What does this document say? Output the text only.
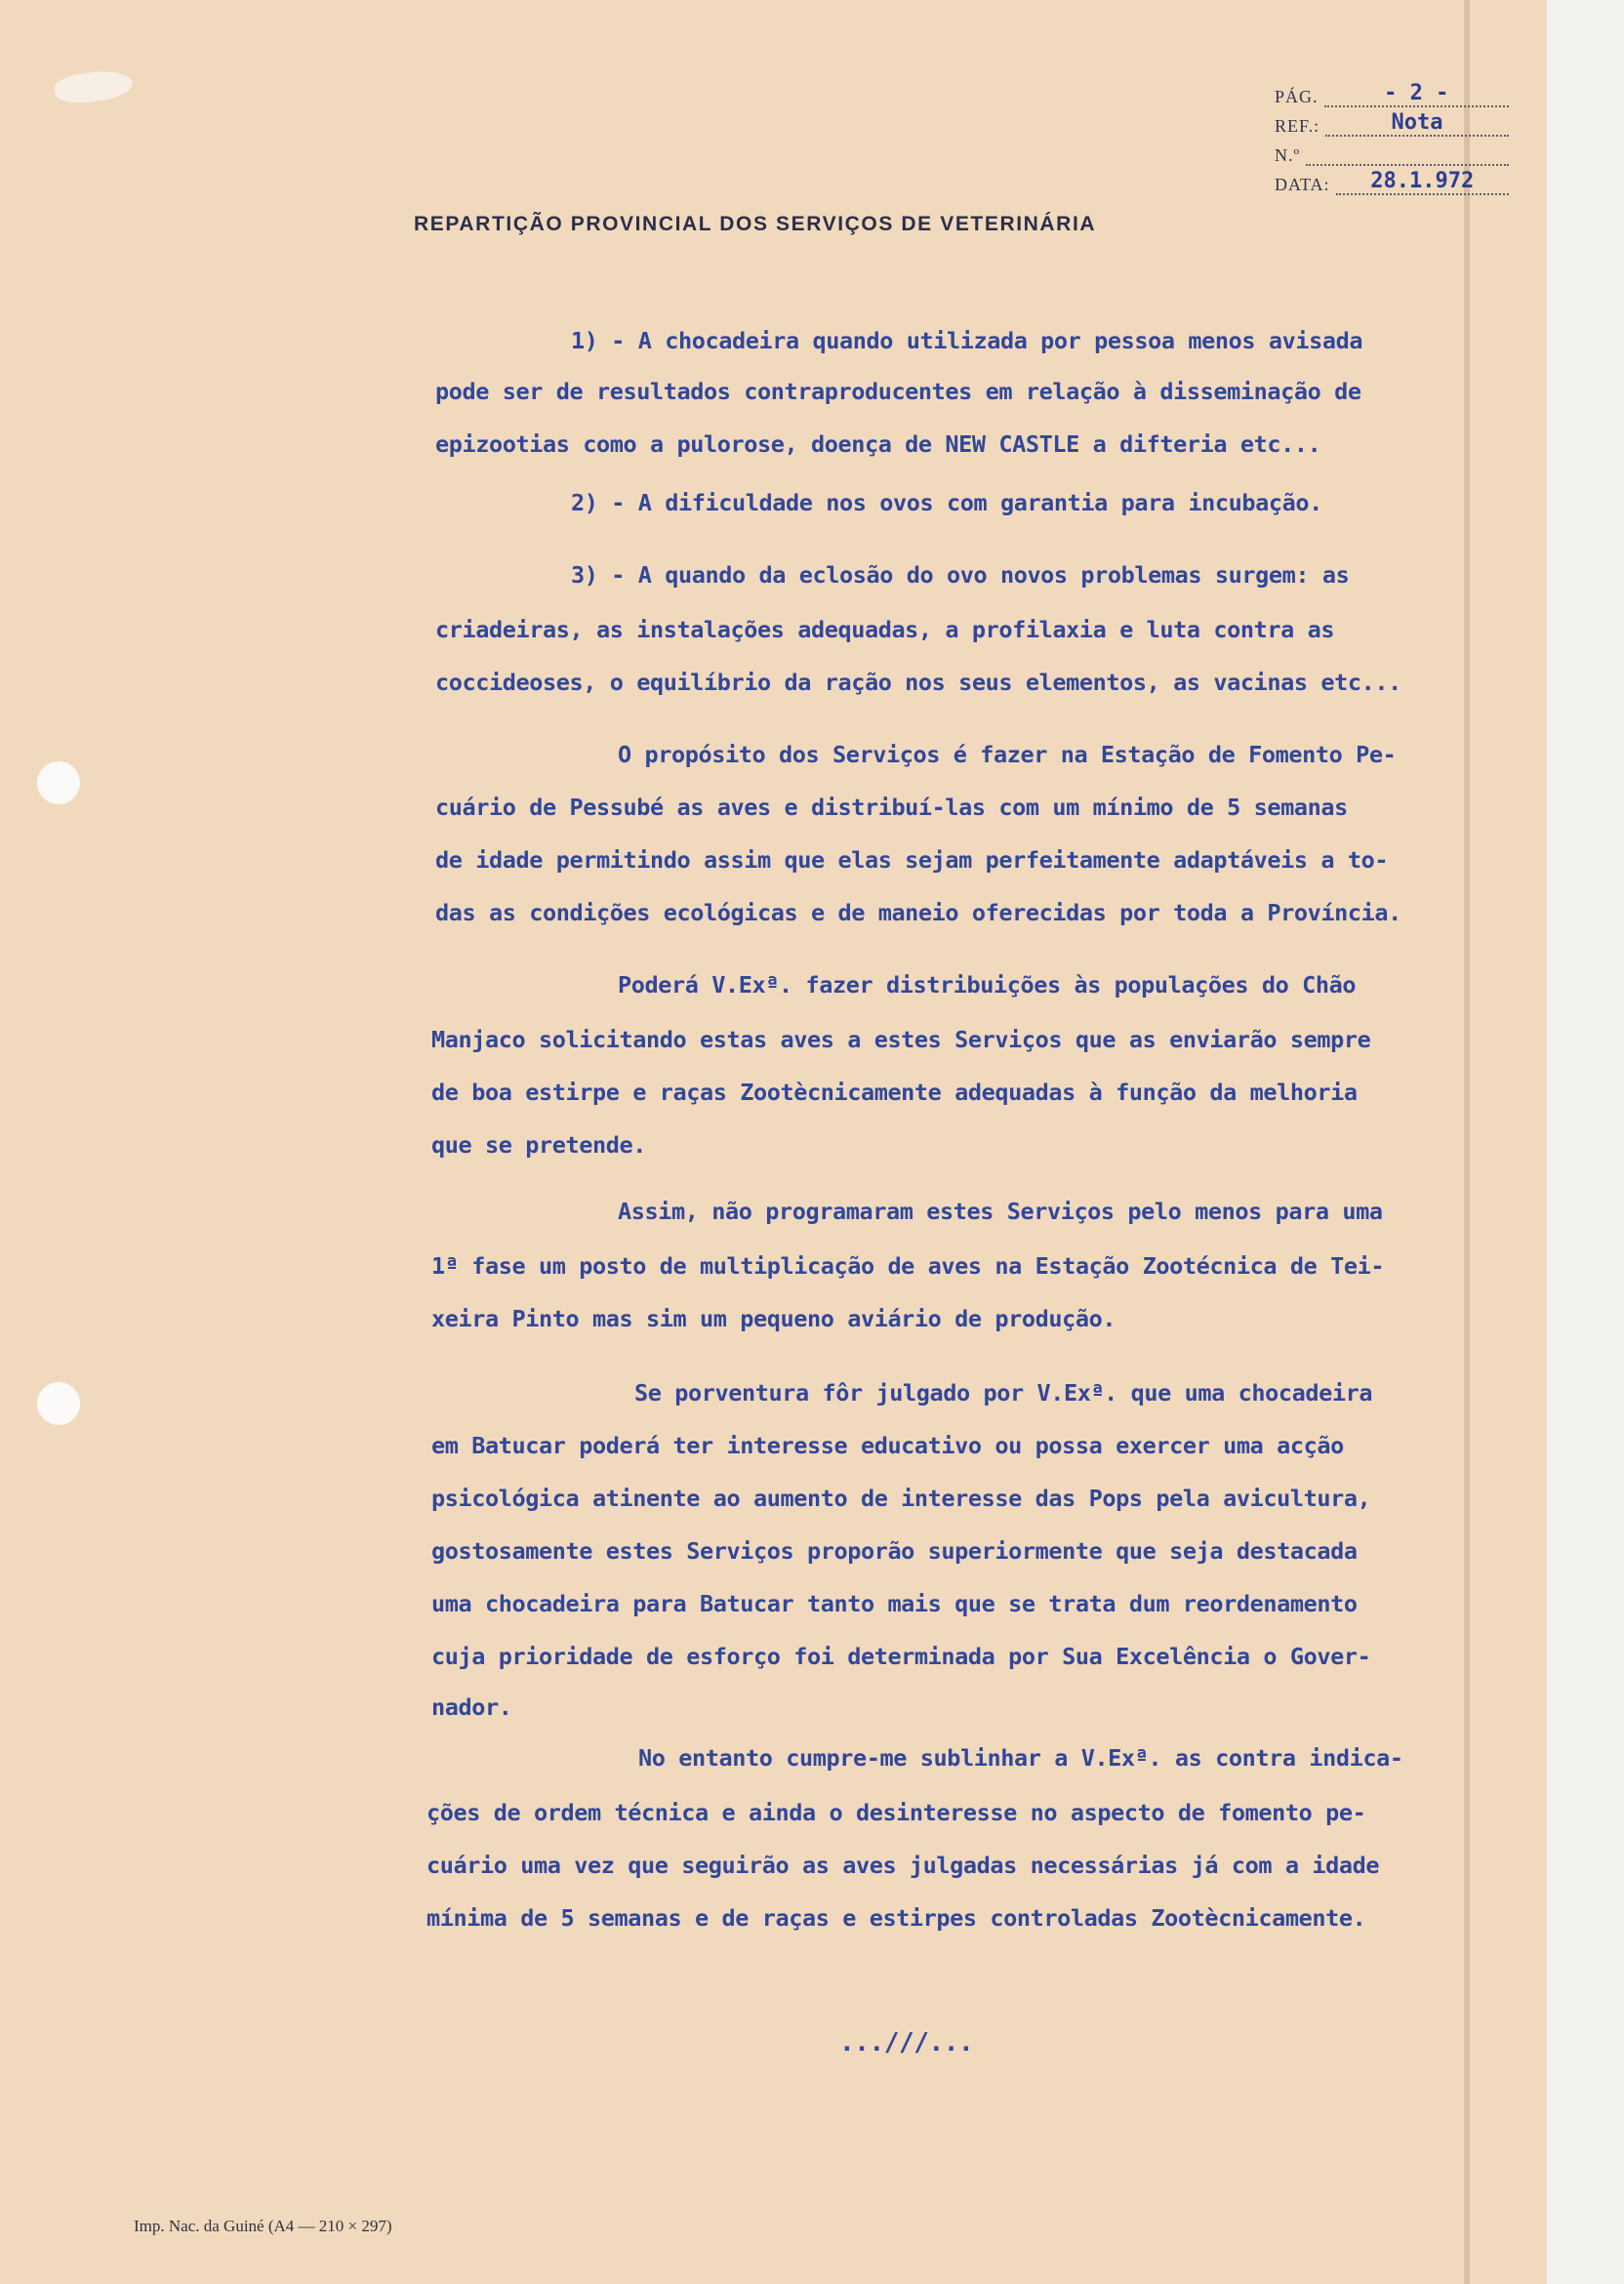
PÁG.	- 2 -
REF.:	Nota
N.º
DATA:	28.1.972
REPARTIÇÃO PROVINCIAL DOS SERVIÇOS DE VETERINÁRIA
1) - A chocadeira quando utilizada por pessoa menos avisada
pode ser de resultados contraproducentes em relação à disseminação de
epizootias como a pulorose, doença de NEW CASTLE a difteria etc...
2) - A dificuldade nos ovos com garantia para incubação.
3) - A quando da eclosão do ovo novos problemas surgem: as
criadeiras, as instalações adequadas, a profilaxia e luta contra as
coccideoses, o equilíbrio da ração nos seus elementos, as vacinas etc...
O propósito dos Serviços é fazer na Estação de Fomento Pe-
cuário de Pessubé as aves e distribuí-las com um mínimo de 5 semanas
de idade permitindo assim que elas sejam perfeitamente adaptáveis a to-
das as condições ecológicas e de maneio oferecidas por toda a Província.
Poderá V.Exª. fazer distribuições às populações do Chão
Manjaco solicitando estas aves a estes Serviços que as enviarão sempre
de boa estirpe e raças Zootècnicamente adequadas à função da melhoria
que se pretende.
Assim, não programaram estes Serviços pelo menos para uma
1ª fase um posto de multiplicação de aves na Estação Zootécnica de Tei-
xeira Pinto mas sim um pequeno aviário de produção.
Se porventura fôr julgado por V.Exª. que uma chocadeira
em Batucar poderá ter interesse educativo ou possa exercer uma acção
psicológica atinente ao aumento de interesse das Pops pela avicultura,
gostosamente estes Serviços proporão superiormente que seja destacada
uma chocadeira para Batucar tanto mais que se trata dum reordenamento
cuja prioridade de esforço foi determinada por Sua Excelência o Gover-
nador.
No entanto cumpre-me sublinhar a V.Exª. as contra indica-
ções de ordem técnica e ainda o desinteresse no aspecto de fomento pe-
cuário uma vez que seguirão as aves julgadas necessárias já com a idade
mínima de 5 semanas e de raças e estirpes controladas Zootècnicamente.
...///...
Imp. Nac. da Guiné (A4 — 210 × 297)
